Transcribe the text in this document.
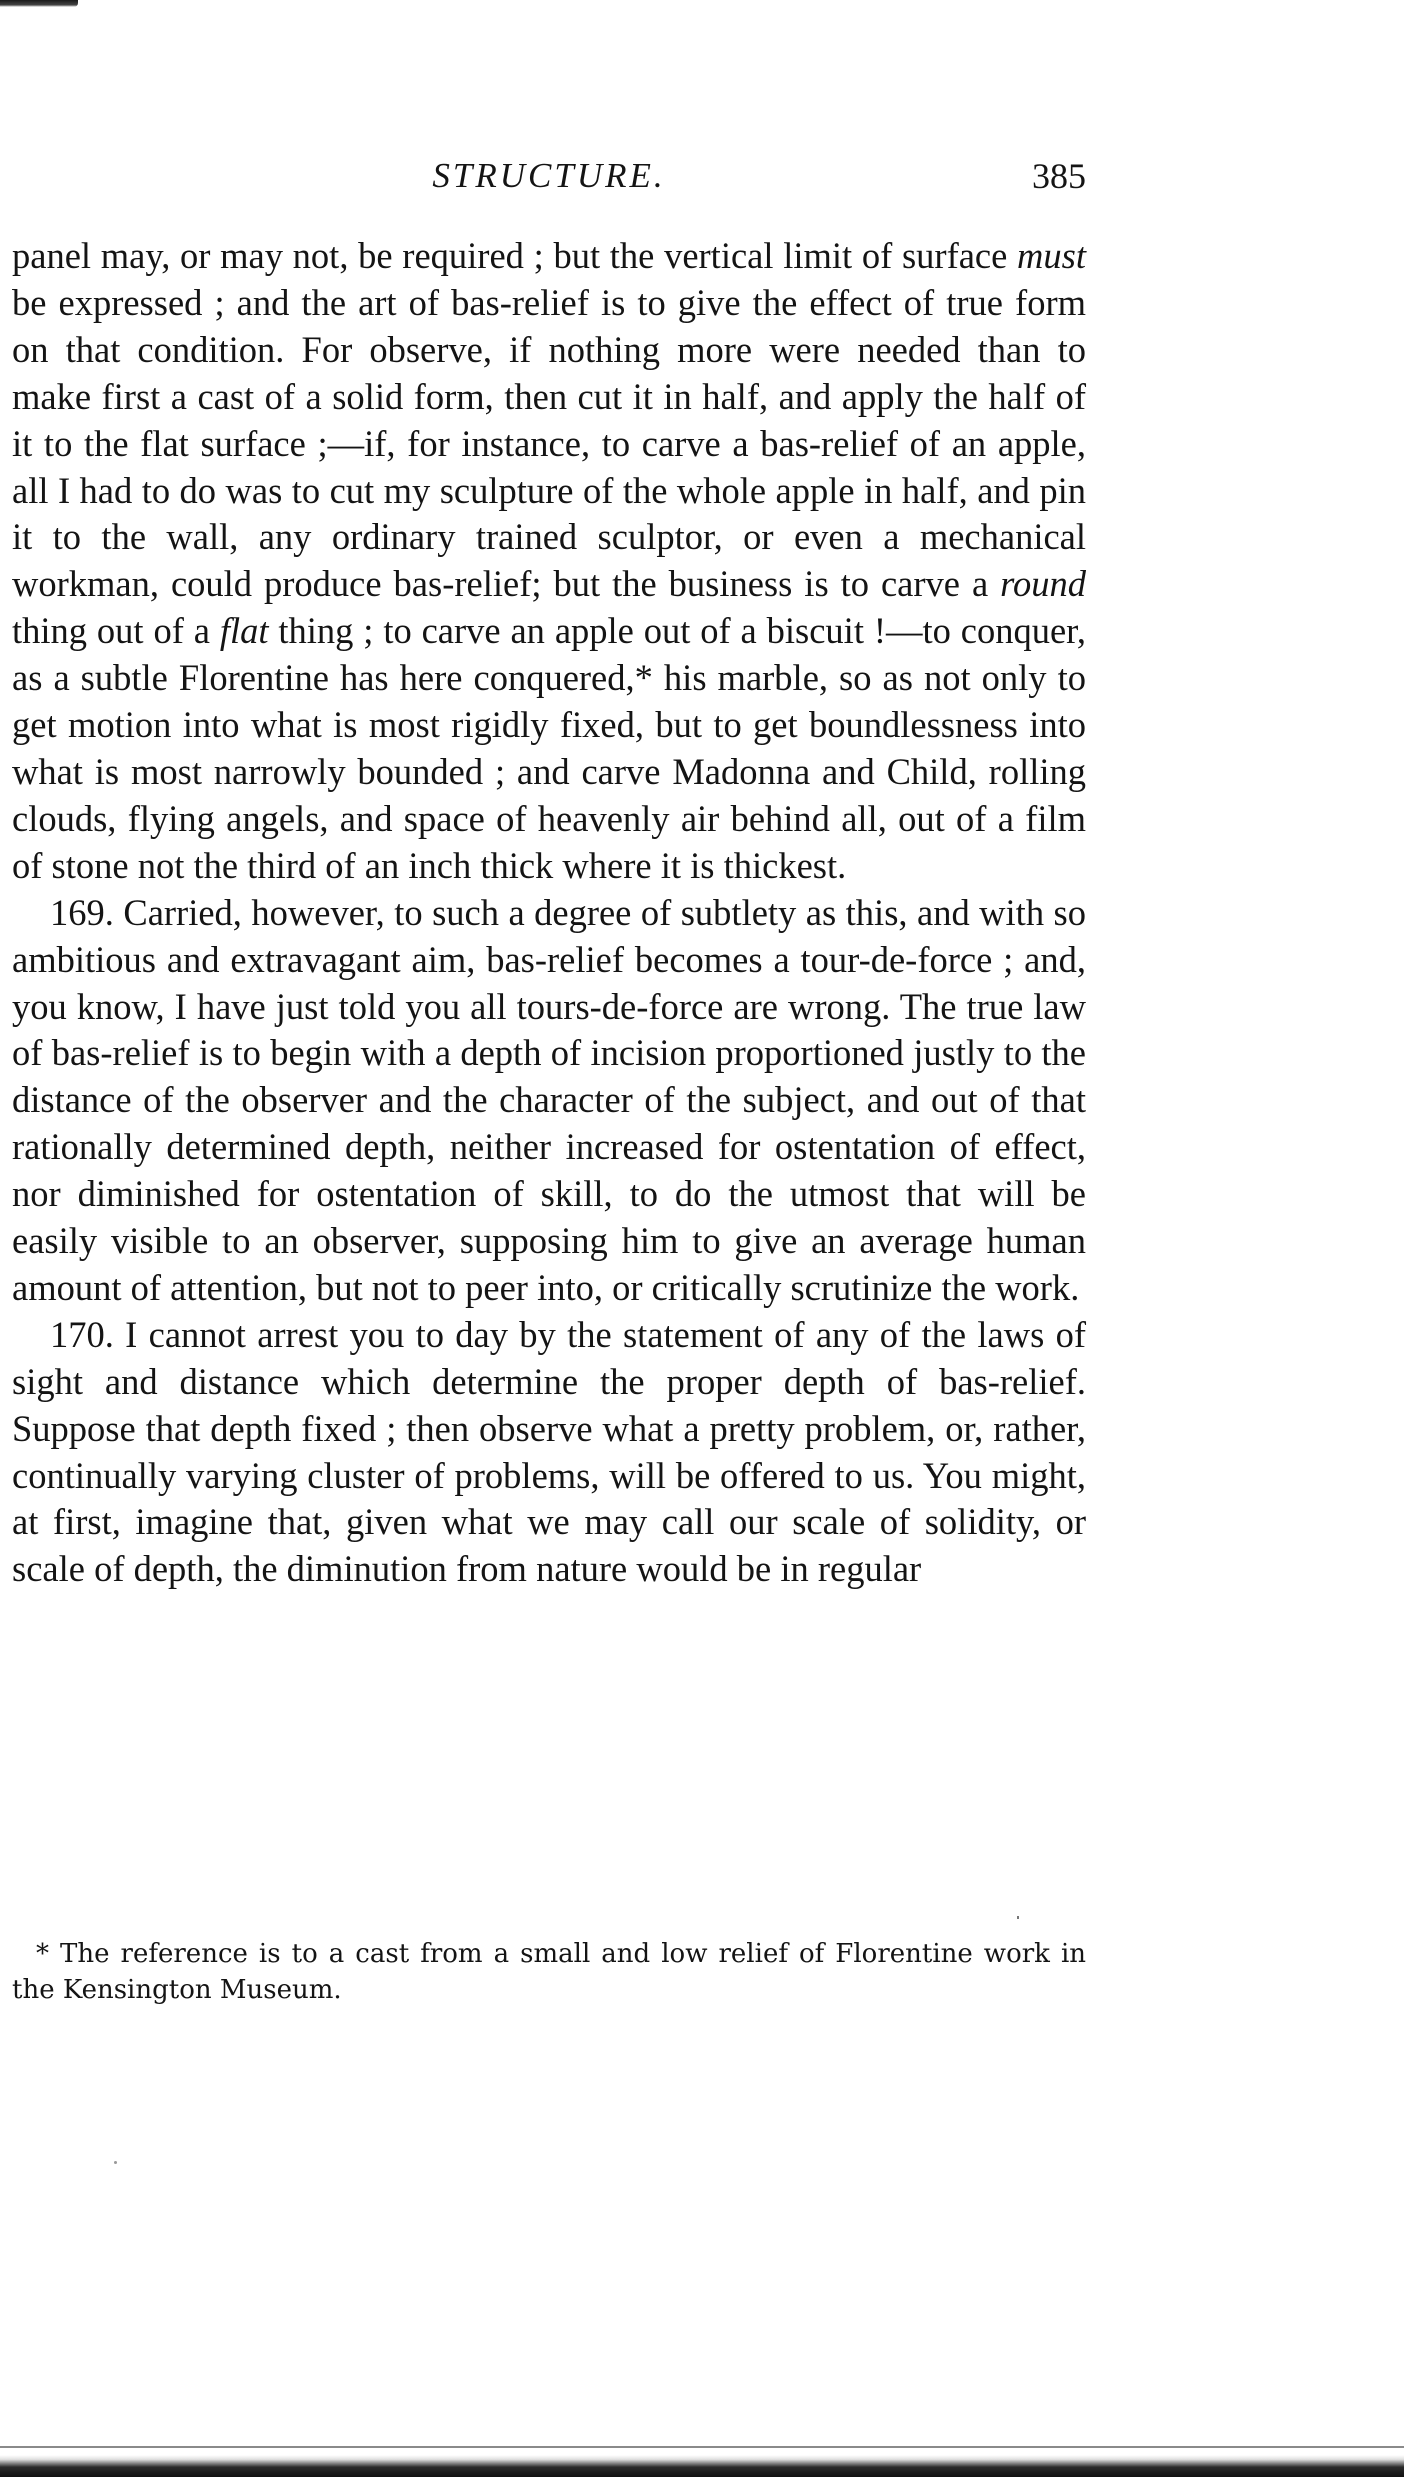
STRUCTURE.	385

panel may, or may not, be required ; but the vertical limit of surface must be expressed ; and the art of bas-relief is to give the effect of true form on that condition. For observe, if nothing more were needed than to make first a cast of a solid form, then cut it in half, and apply the half of it to the flat surface ;—if, for instance, to carve a bas-relief of an apple, all I had to do was to cut my sculpture of the whole apple in half, and pin it to the wall, any ordinary trained sculptor, or even a mechanical workman, could produce bas-relief; but the business is to carve a round thing out of a flat thing ; to carve an apple out of a biscuit !—to conquer, as a subtle Florentine has here conquered,* his marble, so as not only to get motion into what is most rigidly fixed, but to get boundlessness into what is most narrowly bounded ; and carve Madonna and Child, rolling clouds, flying angels, and space of heavenly air behind all, out of a film of stone not the third of an inch thick where it is thickest.

169. Carried, however, to such a degree of subtlety as this, and with so ambitious and extravagant aim, bas-relief becomes a tour-de-force ; and, you know, I have just told you all tours-de-force are wrong. The true law of bas-relief is to begin with a depth of incision proportioned justly to the distance of the observer and the character of the subject, and out of that rationally determined depth, neither increased for ostentation of effect, nor diminished for ostentation of skill, to do the utmost that will be easily visible to an observer, supposing him to give an average human amount of attention, but not to peer into, or critically scrutinize the work.

170. I cannot arrest you to day by the statement of any of the laws of sight and distance which determine the proper depth of bas-relief. Suppose that depth fixed ; then observe what a pretty problem, or, rather, continually varying cluster of problems, will be offered to us. You might, at first, imagine that, given what we may call our scale of solidity, or scale of depth, the diminution from nature would be in regular

* The reference is to a cast from a small and low relief of Florentine work in the Kensington Museum.
